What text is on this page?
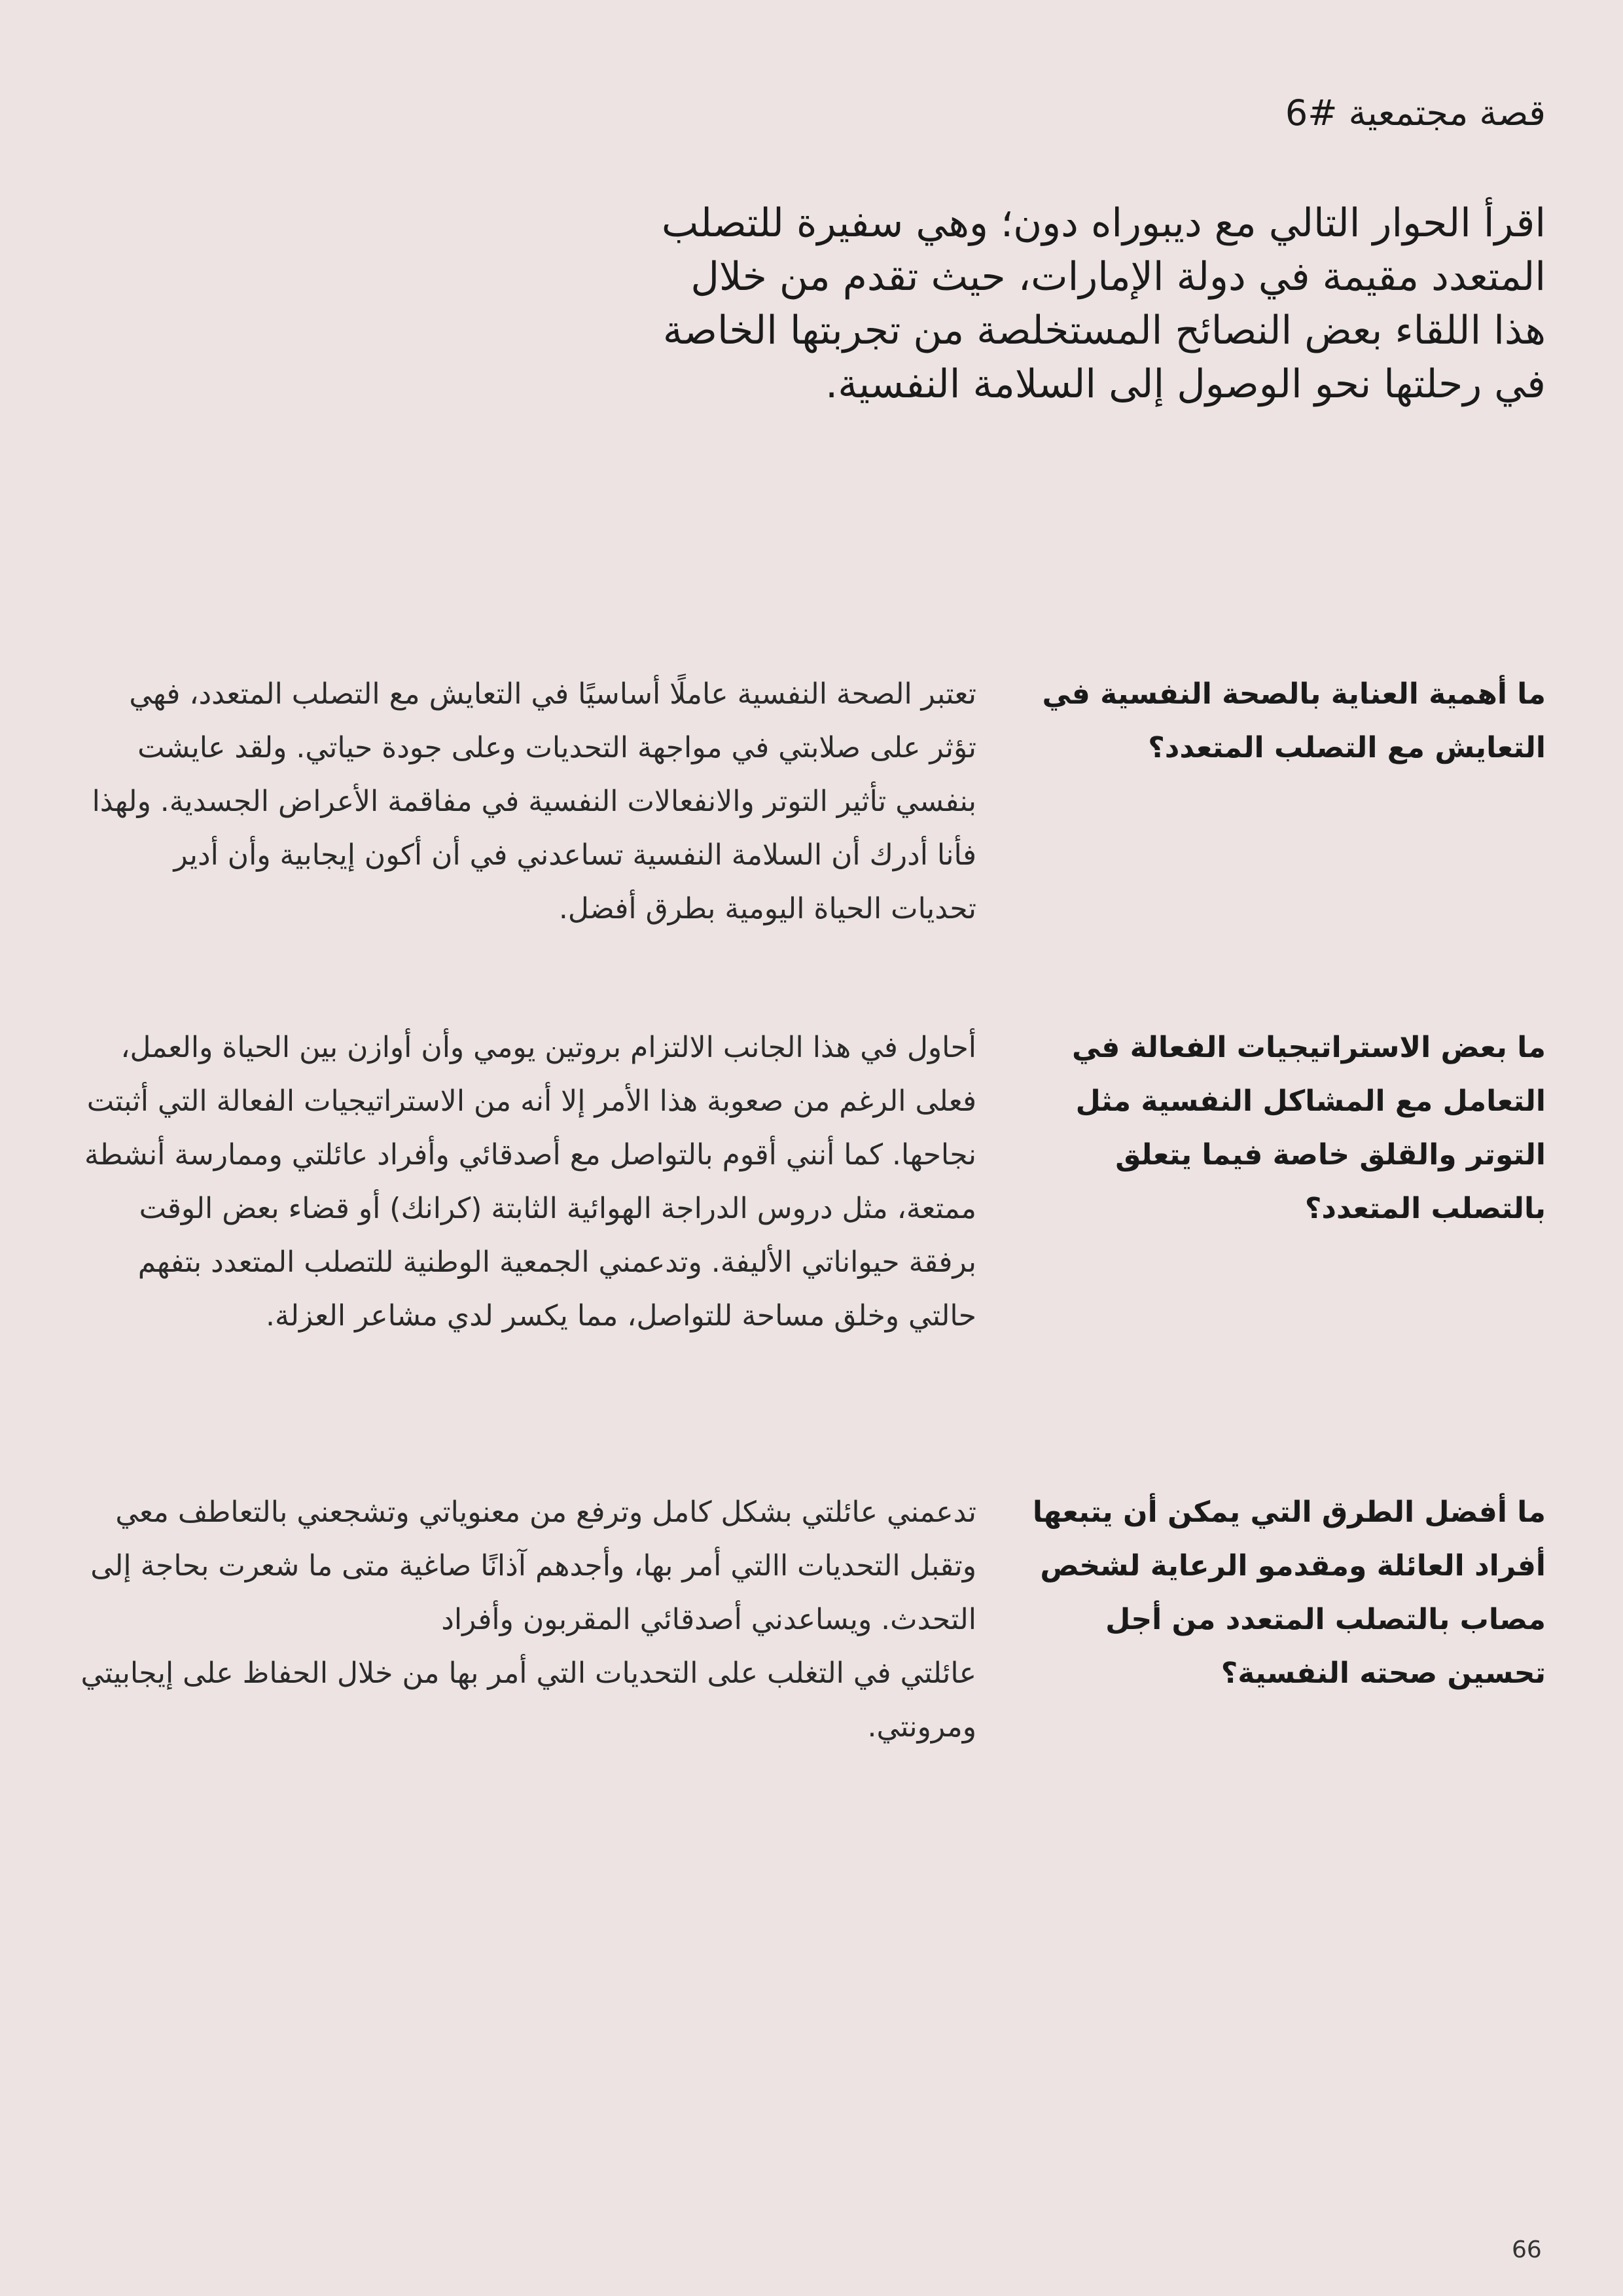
قصة مجتمعية #6

اقرأ الحوار التالي مع ديبوراه دون؛ وهي سفيرة للتصلب المتعدد مقيمة في دولة الإمارات، حيث تقدم من خلال هذا اللقاء بعض النصائح المستخلصة من تجربتها الخاصة في رحلتها نحو الوصول إلى السلامة النفسية.

ما أهمية العناية بالصحة النفسية في التعايش مع التصلب المتعدد؟

تعتبر الصحة النفسية عاملًا أساسيًا في التعايش مع التصلب المتعدد، فهي تؤثر على صلابتي في مواجهة التحديات وعلى جودة حياتي. ولقد عايشت بنفسي تأثير التوتر والانفعالات النفسية في مفاقمة الأعراض الجسدية. ولهذا فأنا أدرك أن السلامة النفسية تساعدني في أن أكون إيجابية وأن أدير تحديات الحياة اليومية بطرق أفضل.

ما بعض الاستراتيجيات الفعالة في التعامل مع المشاكل النفسية مثل التوتر والقلق خاصة فيما يتعلق بالتصلب المتعدد؟

أحاول في هذا الجانب الالتزام بروتين يومي وأن أوازن بين الحياة والعمل، فعلى الرغم من صعوبة هذا الأمر إلا أنه من الاستراتيجيات الفعالة التي أثبتت نجاحها. كما أنني أقوم بالتواصل مع أصدقائي وأفراد عائلتي وممارسة أنشطة ممتعة، مثل دروس الدراجة الهوائية الثابتة (كرانك) أو قضاء بعض الوقت برفقة حيواناتي الأليفة. وتدعمني الجمعية الوطنية للتصلب المتعدد بتفهم حالتي وخلق مساحة للتواصل، مما يكسر لدي مشاعر العزلة.

ما أفضل الطرق التي يمكن أن يتبعها أفراد العائلة ومقدمو الرعاية لشخص مصاب بالتصلب المتعدد من أجل تحسين صحته النفسية؟

تدعمني عائلتي بشكل كامل وترفع من معنوياتي وتشجعني بالتعاطف معي وتقبل التحديات االتي أمر بها، وأجدهم آذانًا صاغية متى ما شعرت بحاجة إلى التحدث. ويساعدني أصدقائي المقربون وأفراد
عائلتي في التغلب على التحديات التي أمر بها من خلال الحفاظ على إيجابيتي ومرونتي.

66
